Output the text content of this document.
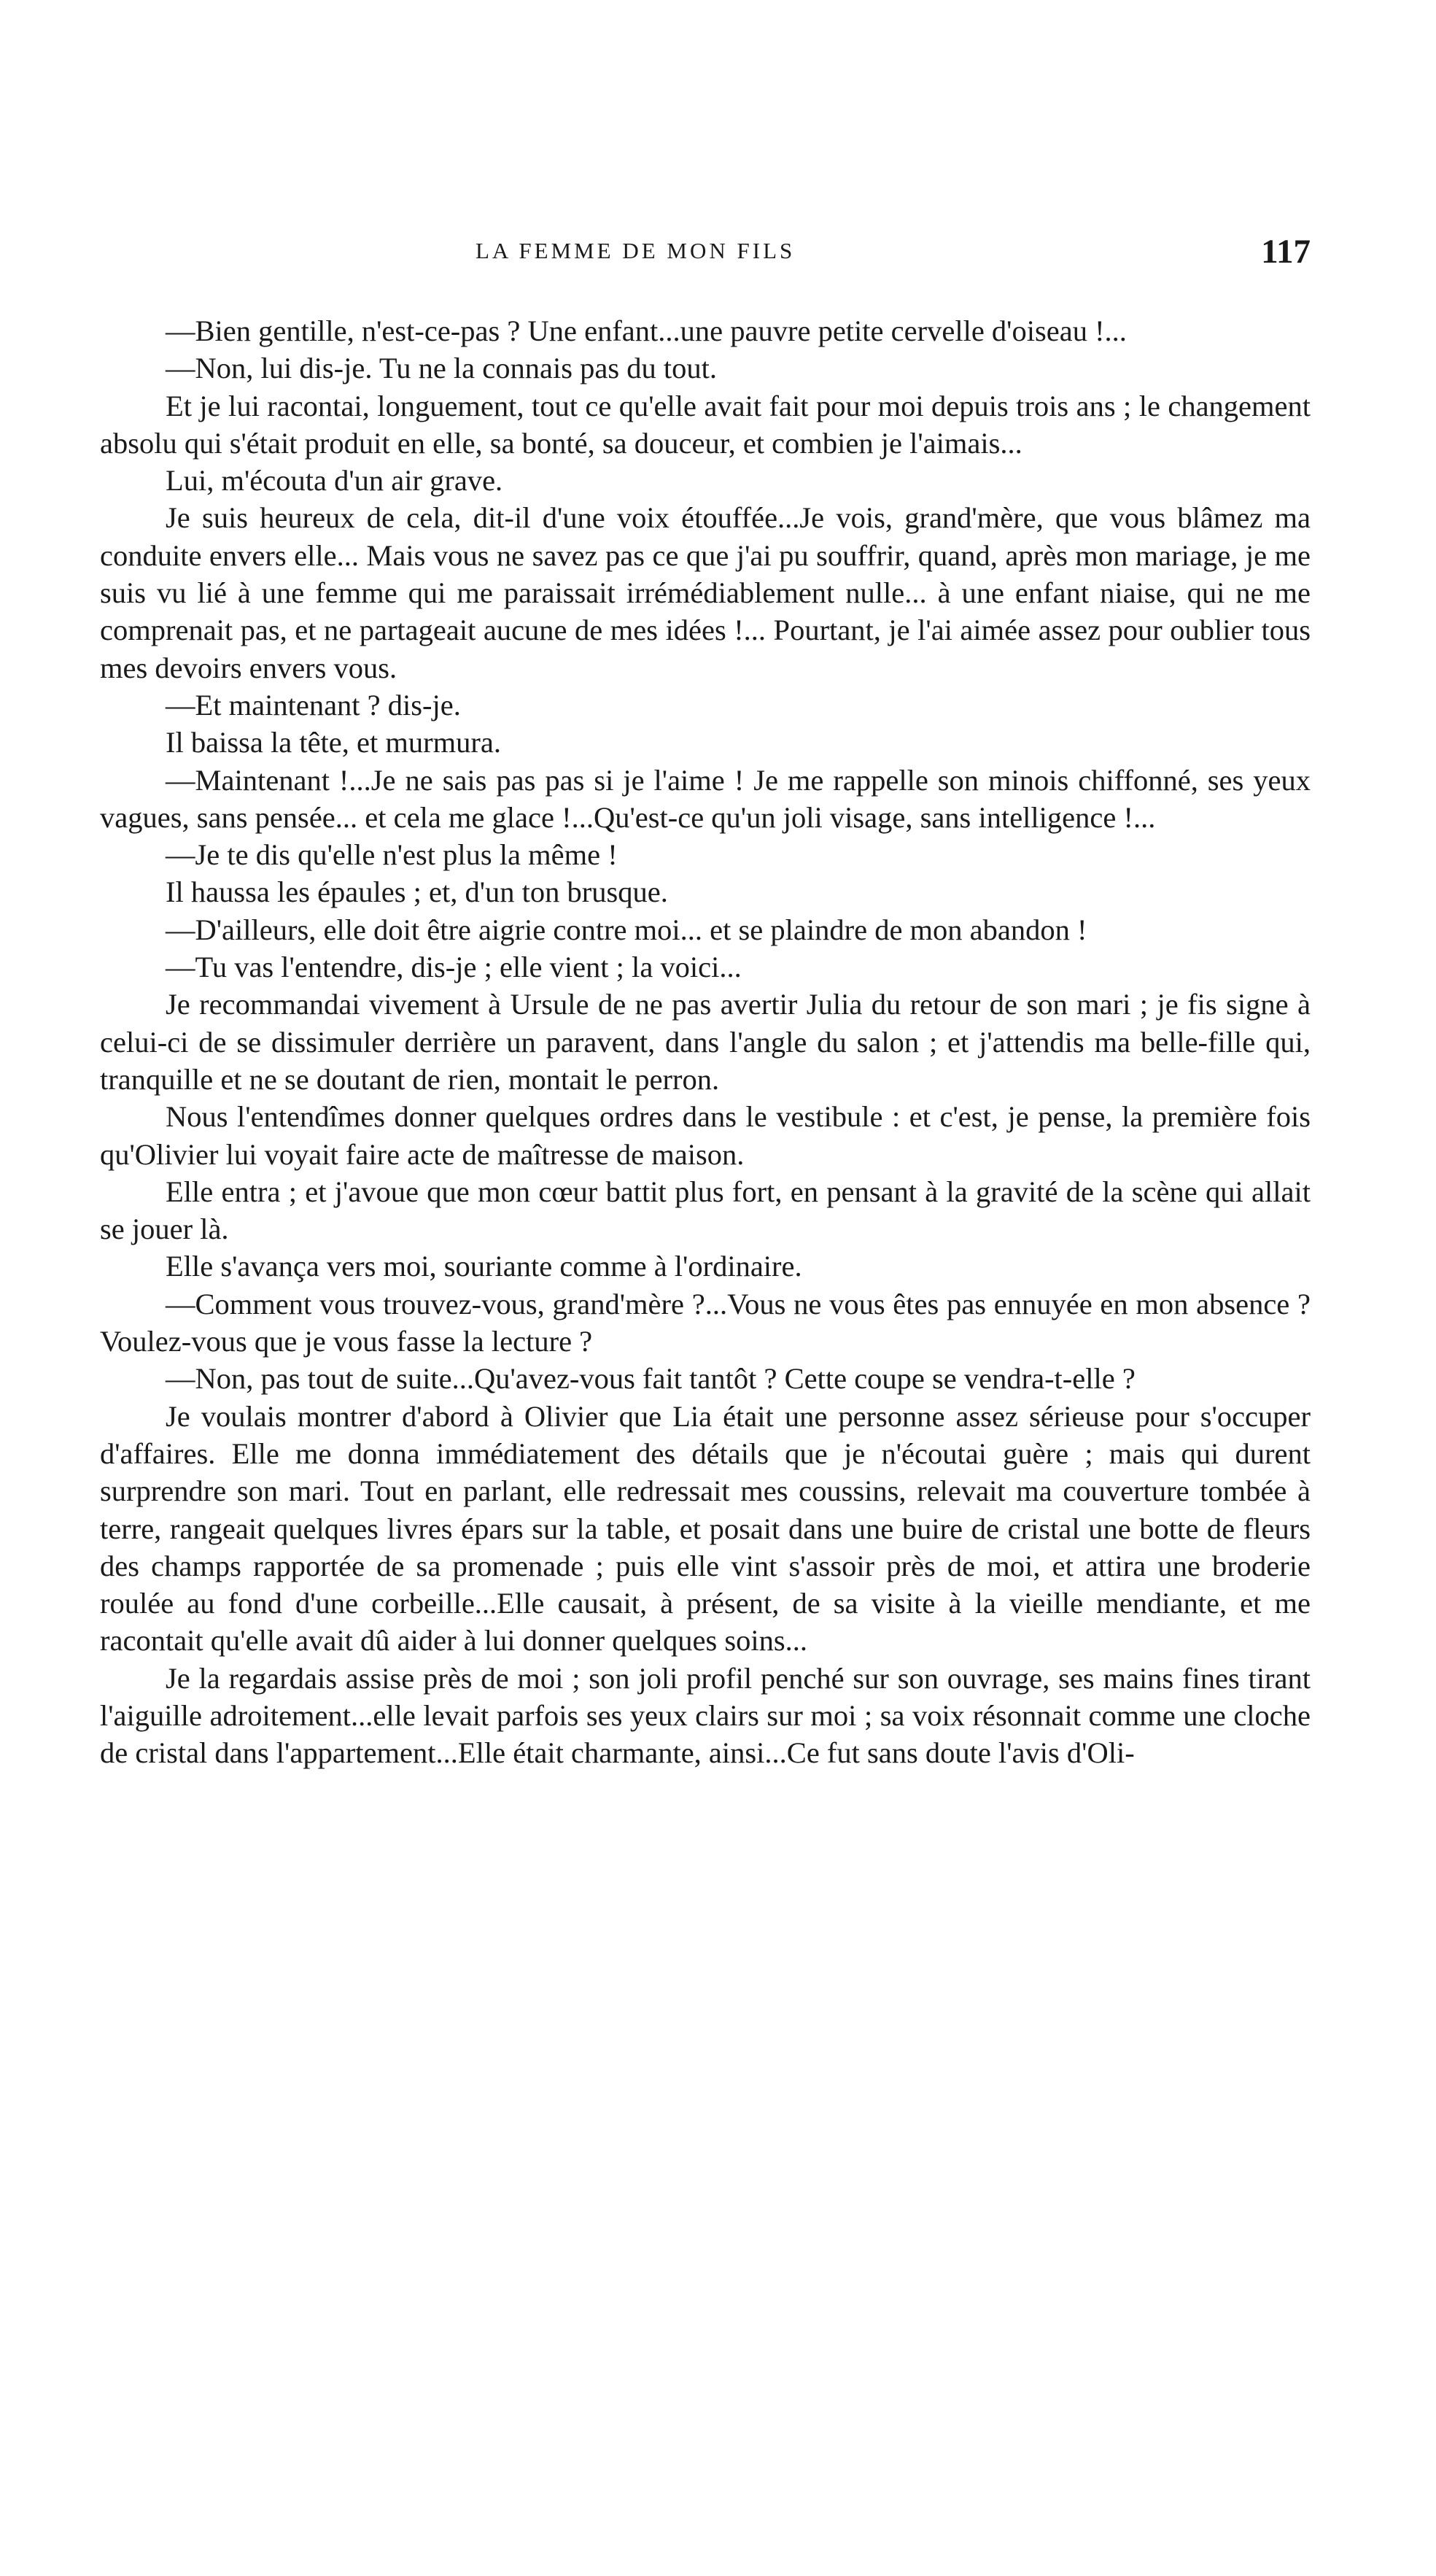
LA FEMME DE MON FILS	117

—Bien gentille, n'est-ce-pas ? Une enfant...une pauvre petite cervelle d'oiseau !...

—Non, lui dis-je. Tu ne la connais pas du tout.

Et je lui racontai, longuement, tout ce qu'elle avait fait pour moi depuis trois ans ; le changement absolu qui s'était produit en elle, sa bonté, sa douceur, et combien je l'aimais...

Lui, m'écouta d'un air grave.

Je suis heureux de cela, dit-il d'une voix étouffée...Je vois, grand'mère, que vous blâmez ma conduite envers elle... Mais vous ne savez pas ce que j'ai pu souffrir, quand, après mon mariage, je me suis vu lié à une femme qui me paraissait irrémédiablement nulle... à une enfant niaise, qui ne me comprenait pas, et ne partageait aucune de mes idées !... Pourtant, je l'ai aimée assez pour oublier tous mes devoirs envers vous.

—Et maintenant ? dis-je.

Il baissa la tête, et murmura.

—Maintenant !...Je ne sais pas pas si je l'aime ! Je me rappelle son minois chiffonné, ses yeux vagues, sans pensée... et cela me glace !...Qu'est-ce qu'un joli visage, sans intelligence !...

—Je te dis qu'elle n'est plus la même !

Il haussa les épaules ; et, d'un ton brusque.

—D'ailleurs, elle doit être aigrie contre moi... et se plaindre de mon abandon !

—Tu vas l'entendre, dis-je ; elle vient ; la voici...

Je recommandai vivement à Ursule de ne pas avertir Julia du retour de son mari ; je fis signe à celui-ci de se dissimuler derrière un paravent, dans l'angle du salon ; et j'attendis ma belle-fille qui, tranquille et ne se doutant de rien, montait le perron.

Nous l'entendîmes donner quelques ordres dans le vestibule : et c'est, je pense, la première fois qu'Olivier lui voyait faire acte de maîtresse de maison.

Elle entra ; et j'avoue que mon cœur battit plus fort, en pensant à la gravité de la scène qui allait se jouer là.

Elle s'avança vers moi, souriante comme à l'ordinaire.

—Comment vous trouvez-vous, grand'mère ?...Vous ne vous êtes pas ennuyée en mon absence ? Voulez-vous que je vous fasse la lecture ?

—Non, pas tout de suite...Qu'avez-vous fait tantôt ? Cette coupe se vendra-t-elle ?

Je voulais montrer d'abord à Olivier que Lia était une personne assez sérieuse pour s'occuper d'affaires. Elle me donna immédiatement des détails que je n'écoutai guère ; mais qui durent surprendre son mari. Tout en parlant, elle redressait mes coussins, relevait ma couverture tombée à terre, rangeait quelques livres épars sur la table, et posait dans une buire de cristal une botte de fleurs des champs rapportée de sa promenade ; puis elle vint s'assoir près de moi, et attira une broderie roulée au fond d'une corbeille...Elle causait, à présent, de sa visite à la vieille mendiante, et me racontait qu'elle avait dû aider à lui donner quelques soins...

Je la regardais assise près de moi ; son joli profil penché sur son ouvrage, ses mains fines tirant l'aiguille adroitement...elle levait parfois ses yeux clairs sur moi ; sa voix résonnait comme une cloche de cristal dans l'appartement...Elle était charmante, ainsi...Ce fut sans doute l'avis d'Oli-
